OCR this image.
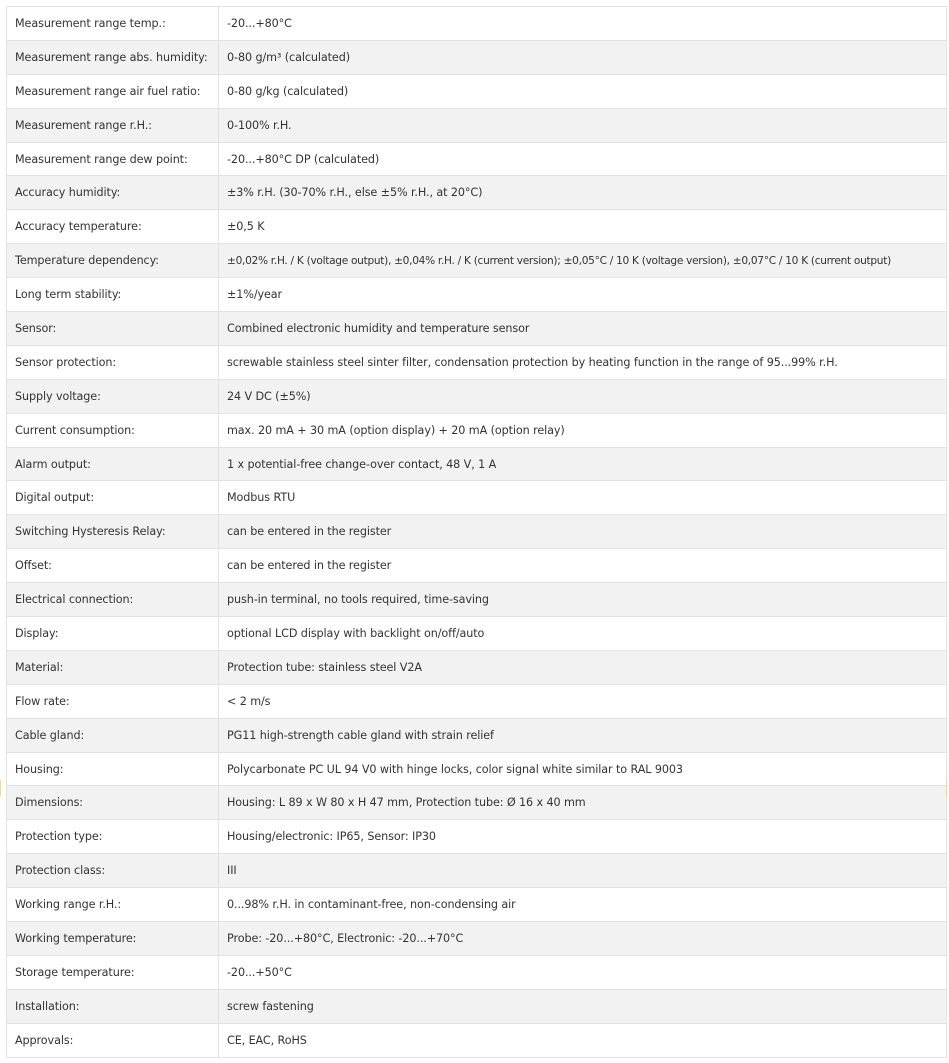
Measurement range temp.:	-20...+80°C
Measurement range abs. humidity:	0-80 g/m³ (calculated)
Measurement range air fuel ratio:	0-80 g/kg (calculated)
Measurement range r.H.:	0-100% r.H.
Measurement range dew point:	-20...+80°C DP (calculated)
Accuracy humidity:	±3% r.H. (30-70% r.H., else ±5% r.H., at 20°C)
Accuracy temperature:	±0,5 K
Temperature dependency:	±0,02% r.H. / K (voltage output), ±0,04% r.H. / K (current version); ±0,05°C / 10 K (voltage version), ±0,07°C / 10 K (current output)
Long term stability:	±1%/year
Sensor:	Combined electronic humidity and temperature sensor
Sensor protection:	screwable stainless steel sinter filter, condensation protection by heating function in the range of 95...99% r.H.
Supply voltage:	24 V DC (±5%)
Current consumption:	max. 20 mA + 30 mA (option display) + 20 mA (option relay)
Alarm output:	1 x potential-free change-over contact, 48 V, 1 A
Digital output:	Modbus RTU
Switching Hysteresis Relay:	can be entered in the register
Offset:	can be entered in the register
Electrical connection:	push-in terminal, no tools required, time-saving
Display:	optional LCD display with backlight on/off/auto
Material:	Protection tube: stainless steel V2A
Flow rate:	< 2 m/s
Cable gland:	PG11 high-strength cable gland with strain relief
Housing:	Polycarbonate PC UL 94 V0 with hinge locks, color signal white similar to RAL 9003
Dimensions:	Housing: L 89 x W 80 x H 47 mm, Protection tube: Ø 16 x 40 mm
Protection type:	Housing/electronic: IP65, Sensor: IP30
Protection class:	III
Working range r.H.:	0...98% r.H. in contaminant-free, non-condensing air
Working temperature:	Probe: -20...+80°C, Electronic: -20...+70°C
Storage temperature:	-20...+50°C
Installation:	screw fastening
Approvals:	CE, EAC, RoHS
